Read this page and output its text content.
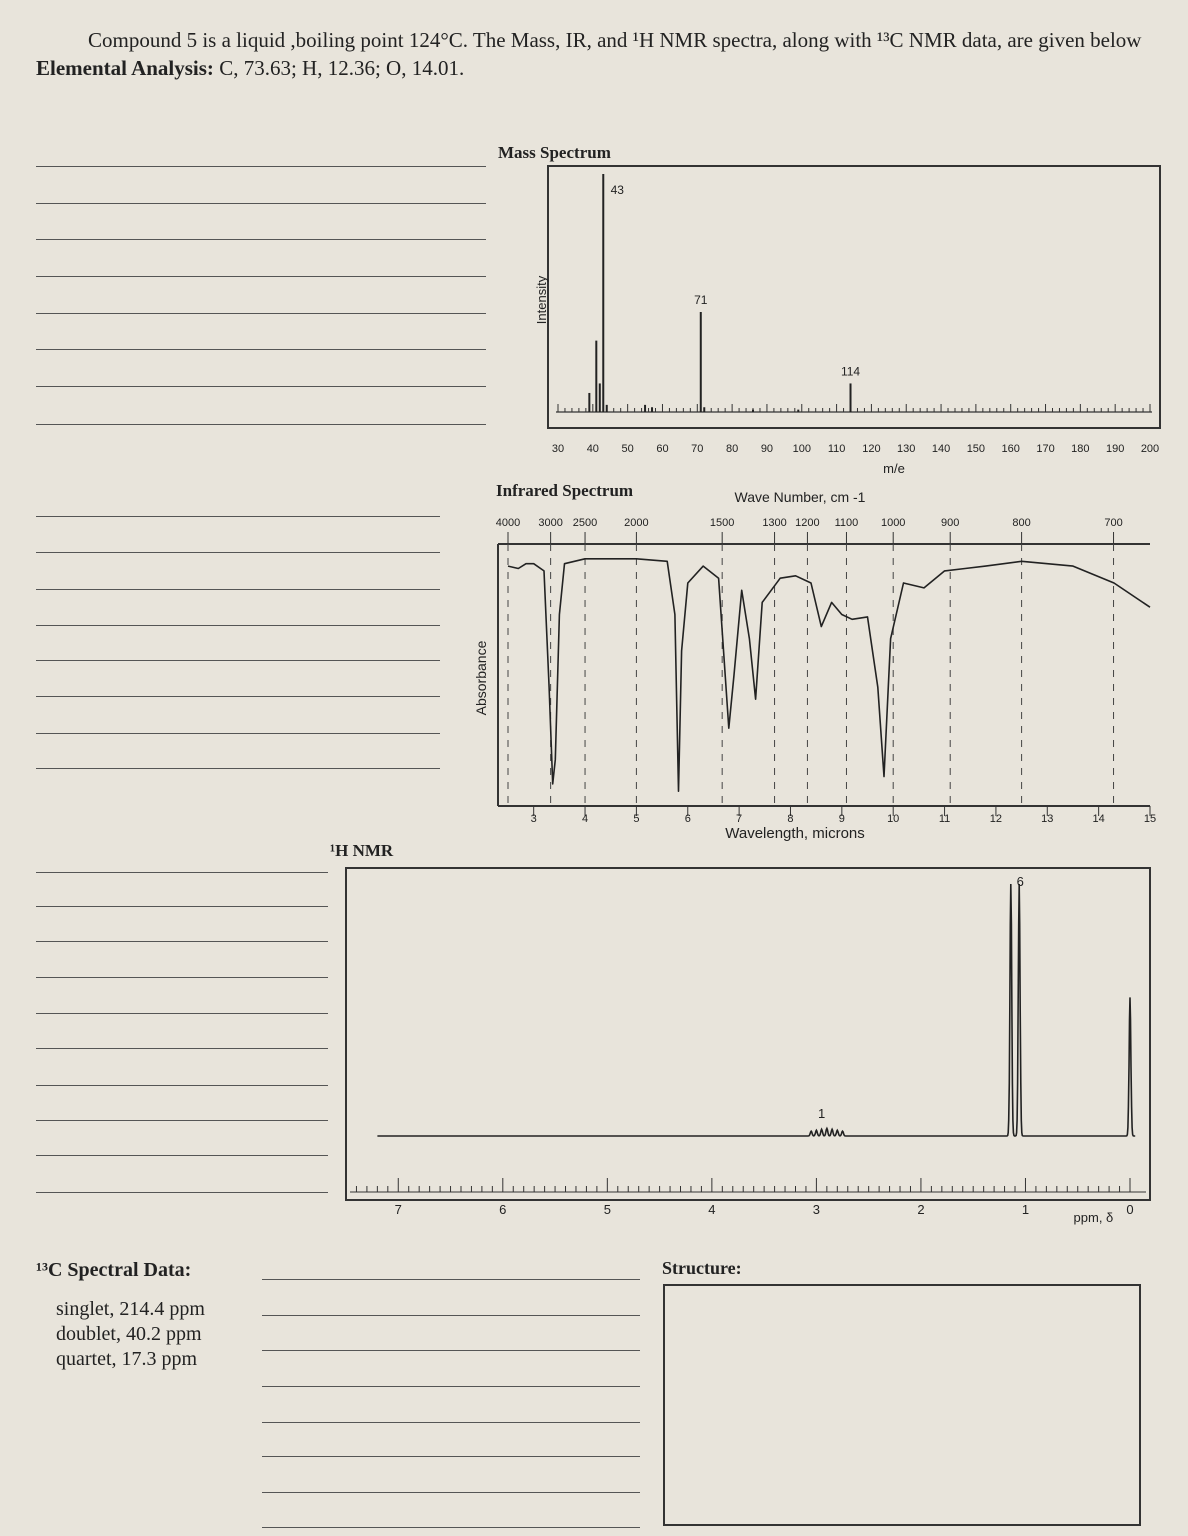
Compound 5 is a liquid ,boiling point 124°C. The Mass, IR, and ¹H NMR spectra, along with ¹³C NMR data, are given below
Elemental Analysis: C, 73.63; H, 12.36; O, 14.01.
Mass Spectrum
30 40 50 60 70 80 90 100 110 120 130 140 150 160 170 180 190 200
m/e
Intensity
43
71
114
Infrared Spectrum	Wave Number, cm -1
4000 3000 2500 2000	1500	1300 1200 1100 1000	900	800	700
3	4	5	6	7	8	9	10	11	12	13	14	15
Wavelength, microns
Absorbance
¹H NMR
7	6	5	4	3	2	1	0
ppm, δ
1
6
¹³C Spectral Data:
singlet, 214.4 ppm
doublet, 40.2 ppm
quartet, 17.3 ppm
Structure:
